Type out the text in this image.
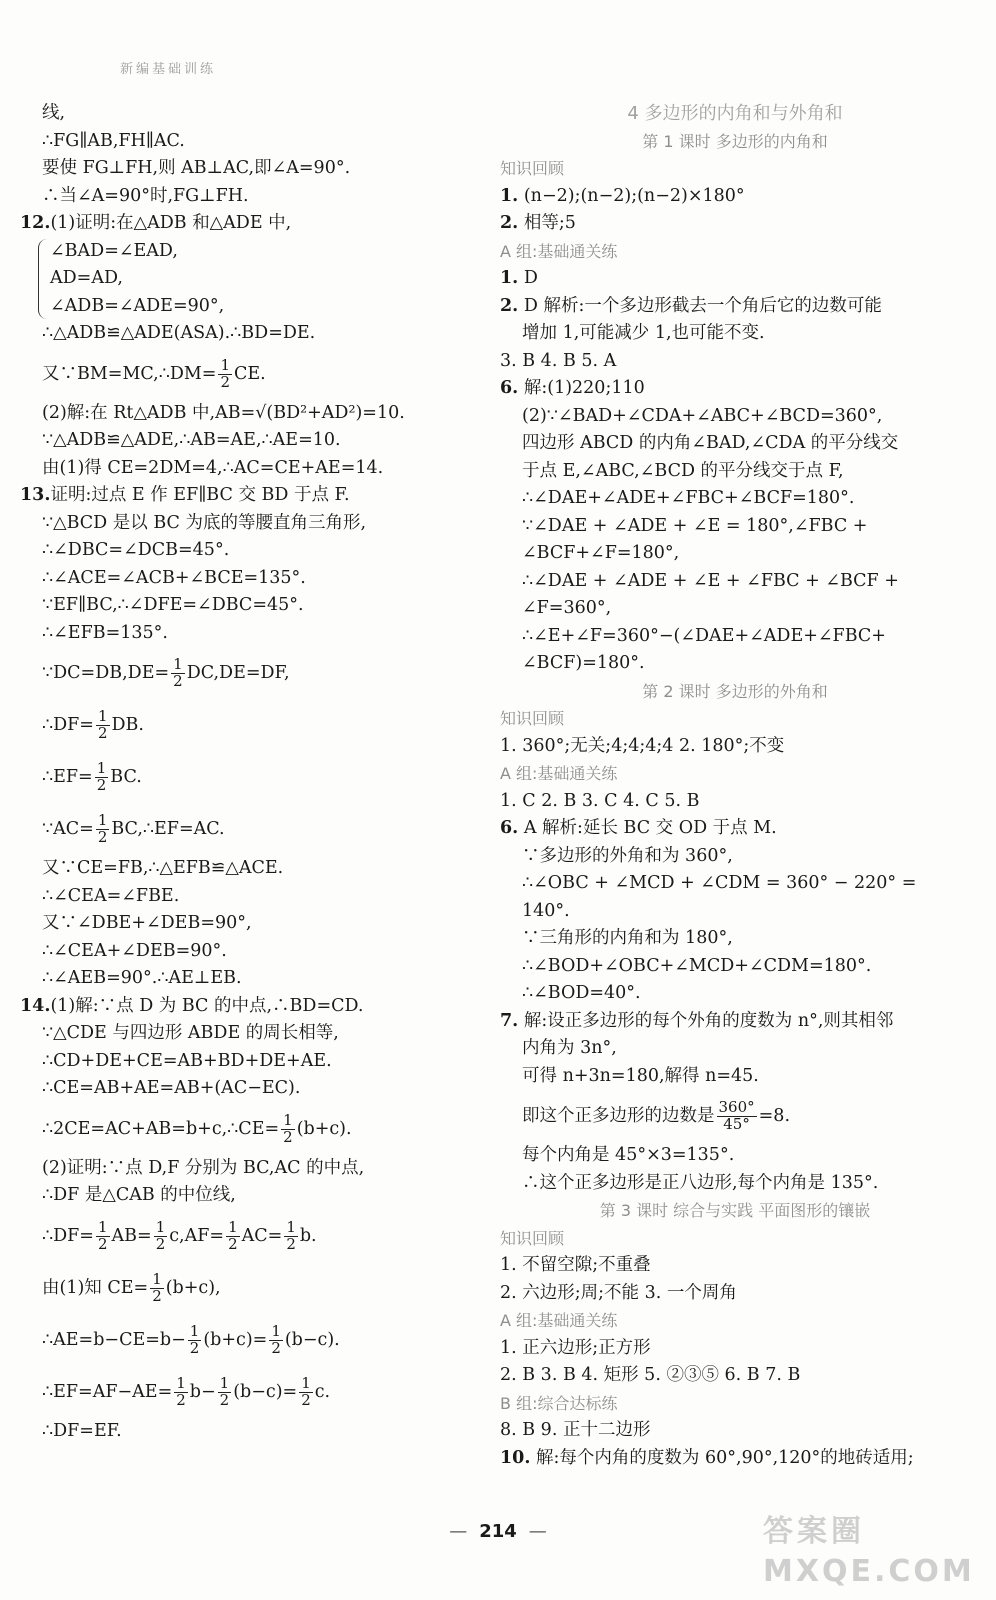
新编基础训练
线,
∴FG∥AB,FH∥AC.
要使 FG⊥FH,则 AB⊥AC,即∠A=90°.
∴当∠A=90°时,FG⊥FH.
12.(1)证明:在△ADB 和△ADE 中,
∠BAD=∠EAD,
AD=AD,
∠ADB=∠ADE=90°,
∴△ADB≌△ADE(ASA).∴BD=DE.
又∵BM=MC,∴DM= $\frac{1}{2}$ CE.
(2)解:在 Rt△ADB 中,AB=√(BD²+AD²)=10.
∵△ADB≌△ADE,∴AB=AE,∴AE=10.
由(1)得 CE=2DM=4,∴AC=CE+AE=14.
13.证明:过点 E 作 EF∥BC 交 BD 于点 F.
∵△BCD 是以 BC 为底的等腰直角三角形,
∴∠DBC=∠DCB=45°.
∴∠ACE=∠ACB+∠BCE=135°.
∵EF∥BC,∴∠DFE=∠DBC=45°.
∴∠EFB=135°.
∵DC=DB,DE= $\frac{1}{2} DC,DE=DF$,
∴DF= $\frac{1}{2}$ DB.
∴EF= $\frac{1}{2}$ BC.
∵AC= $\frac{1}{2}$ BC,∴EF=AC.
又∵CE=FB,∴△EFB≌△ACE.
∴∠CEA=∠FBE.
又∵∠DBE+∠DEB=90°,
∴∠CEA+∠DEB=90°.
∴∠AEB=90°.∴AE⊥EB.
14.(1)解:∵点 D 为 BC 的中点,∴BD=CD.
∵△CDE 与四边形 ABDE 的周长相等,
∴CD+DE+CE=AB+BD+DE+AE.
∴CE=AB+AE=AB+(AC−EC).
∴2CE=AC+AB=b+c,∴CE= $\frac{1}{2} (b+c)$.
(2)证明:∵点 D,F 分别为 BC,AC 的中点,
∴DF 是△CAB 的中位线,
∴DF= $\frac{1}{2} AB= \frac{1}{2} c,AF= \frac{1}{2} AC= \frac{1}{2} b$.
由(1)知 $CE= \frac{1}{2} (b+c)$,
∴AE=b−CE=b− $\frac{1}{2} (b+c)= \frac{1}{2} (b-c)$.
∴EF=AF−AE= $\frac{1}{2} b- \frac{1}{2} (b-c)= \frac{1}{2} c$.
∴DF=EF.
4 多边形的内角和与外角和
第 1 课时 多边形的内角和
知识回顾
1. (n−2);(n−2);(n−2)×180°
2. 相等;5
A 组:基础通关练
1. D
2. D 解析:一个多边形截去一个角后它的边数可能
增加 1,可能减少 1,也可能不变.
3. B 4. B 5. A
6. 解:(1)220;110
(2)∵∠BAD+∠CDA+∠ABC+∠BCD=360°,
四边形 ABCD 的内角∠BAD,∠CDA 的平分线交
于点 E,∠ABC,∠BCD 的平分线交于点 F,
∴∠DAE+∠ADE+∠FBC+∠BCF=180°.
∵∠DAE + ∠ADE + ∠E = 180°,∠FBC +
∠BCF+∠F=180°,
∴∠DAE + ∠ADE + ∠E + ∠FBC + ∠BCF +
∠F=360°,
∴∠E+∠F=360°−(∠DAE+∠ADE+∠FBC+
∠BCF)=180°.
第 2 课时 多边形的外角和
知识回顾
1. 360°;无关;4;4;4;4 2. 180°;不变
A 组:基础通关练
1. C 2. B 3. C 4. C 5. B
6. A 解析:延长 BC 交 OD 于点 M.
∵多边形的外角和为 360°,
∴∠OBC + ∠MCD + ∠CDM = 360° − 220° =
140°.
∵三角形的内角和为 180°,
∴∠BOD+∠OBC+∠MCD+∠CDM=180°.
∴∠BOD=40°.
7. 解:设正多边形的每个外角的度数为 n°,则其相邻
内角为 3n°,
可得 n+3n=180,解得 n=45.
即这个正多边形的边数是 $\frac{360^\circ}{45^\circ} =8$.
每个内角是 45°×3=135°.
∴这个正多边形是正八边形,每个内角是 135°.
第 3 课时 综合与实践 平面图形的镶嵌
知识回顾
1. 不留空隙;不重叠
2. 六边形;周;不能 3. 一个周角
A 组:基础通关练
1. 正六边形;正方形
2. B 3. B 4. 矩形 5. ②③⑤ 6. B 7. B
B 组:综合达标练
8. B 9. 正十二边形
10. 解:每个内角的度数为 60°,90°,120°的地砖适用;
— 214 —	答案圈
MXQE.COM
